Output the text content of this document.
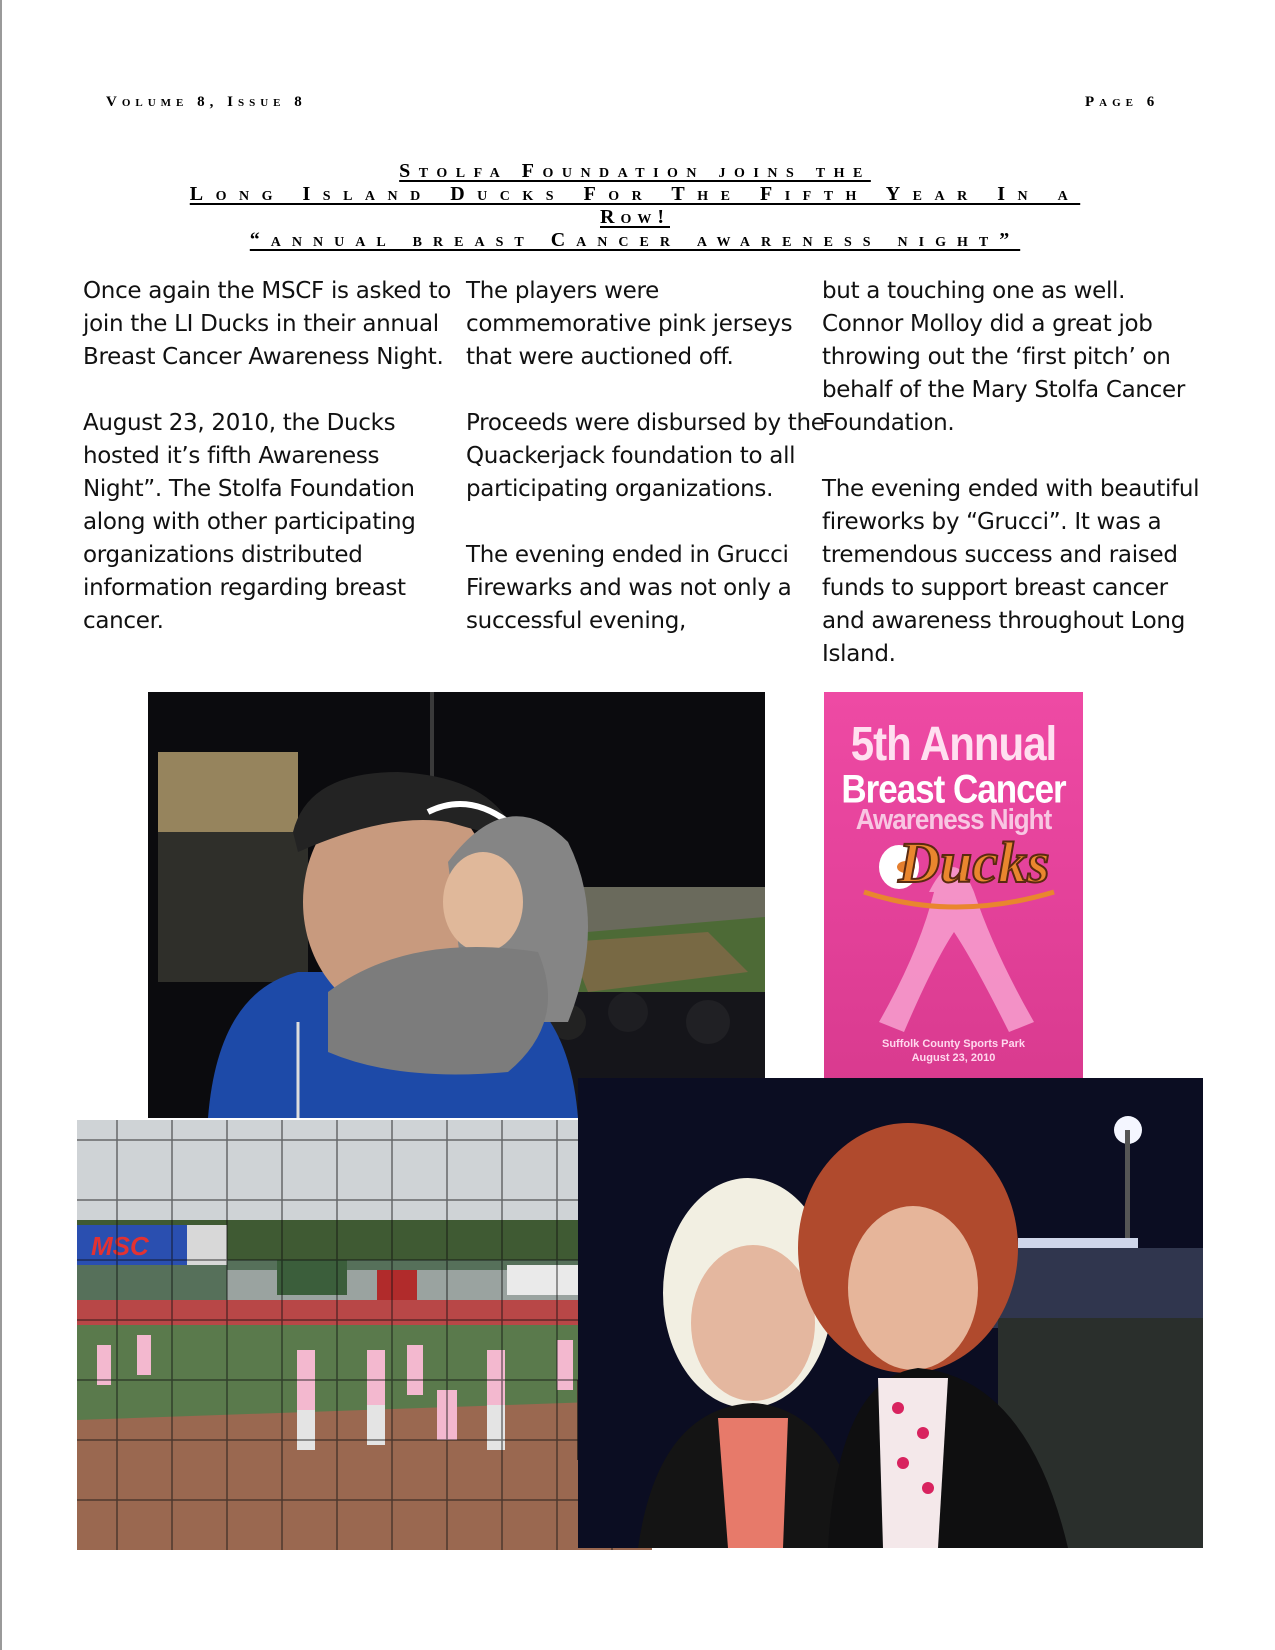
Volume 8, Issue 8	Page 6
Stolfa Foundation joins the
Long Island Ducks For The Fifth Year In a
Row!
“annual breast Cancer awareness night”

Once again the MSCF is asked to join the LI Ducks in their annual Breast Cancer Awareness Night.

August 23, 2010, the Ducks hosted it’s fifth Awareness Night”. The Stolfa Foundation along with other participating organizations distributed information regarding breast cancer.

The players were commemorative pink jerseys that were auctioned off.

Proceeds were disbursed by the Quackerjack foundation to all participating organizations.

The evening ended in Grucci Firewarks and was not only a successful evening,

but a touching one as well. Connor Molloy did a great job throwing out the ‘first pitch’ on behalf of the Mary Stolfa Cancer Foundation.

The evening ended with beautiful fireworks by “Grucci”. It was a tremendous success and raised funds to support breast cancer and awareness throughout Long Island.

5th Annual
Breast Cancer
Awareness Night
Ducks
Suffolk County Sports Park
August 23, 2010
MSC
